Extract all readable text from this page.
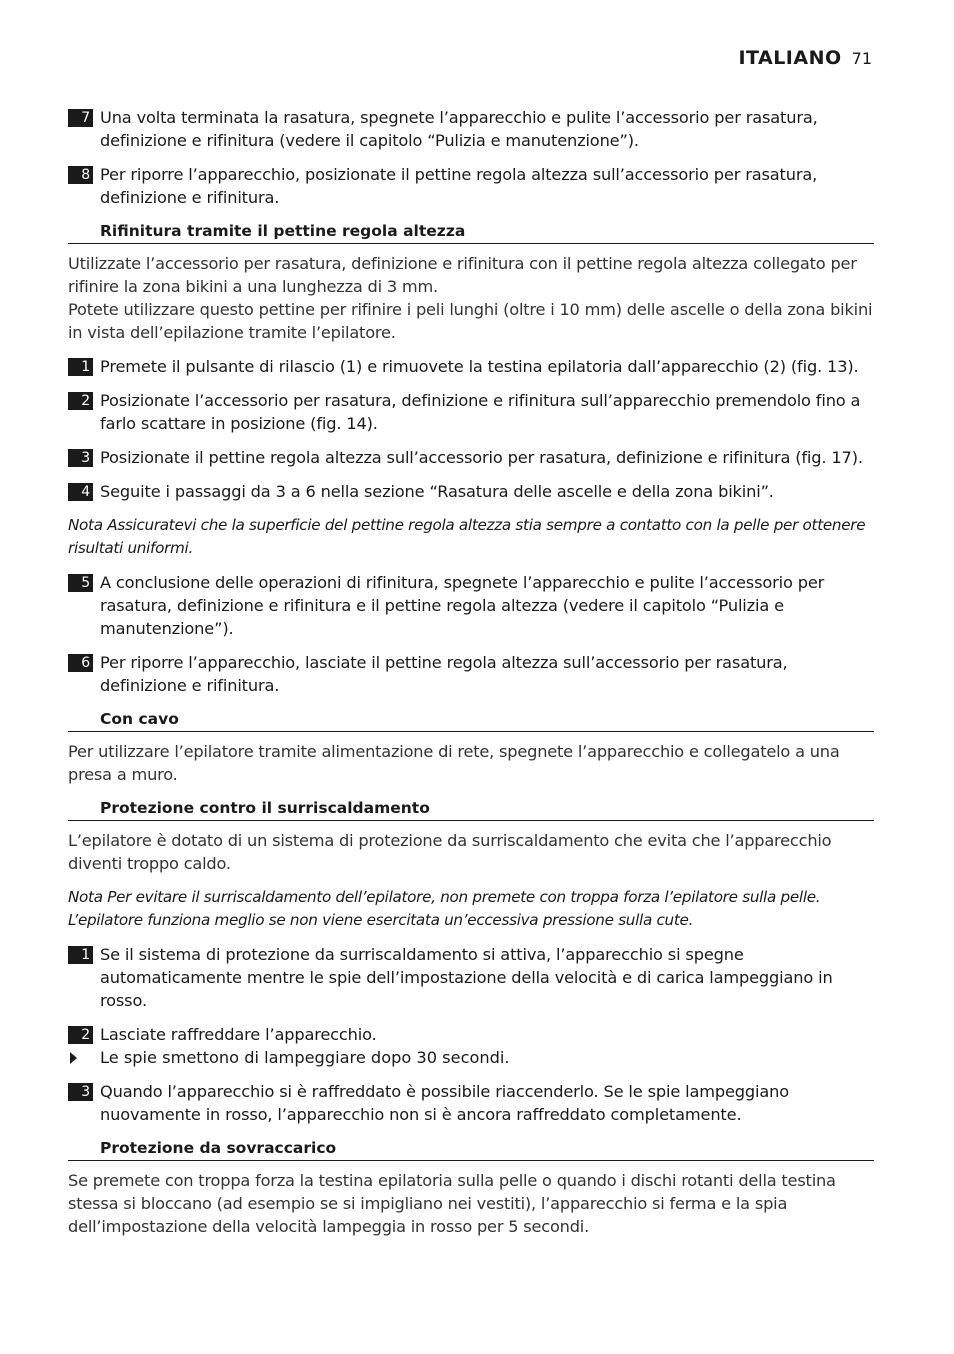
ITALIANO 71
7 Una volta terminata la rasatura, spegnete l’apparecchio e pulite l’accessorio per rasatura, definizione e rifinitura (vedere il capitolo “Pulizia e manutenzione”).
8 Per riporre l’apparecchio, posizionate il pettine regola altezza sull’accessorio per rasatura, definizione e rifinitura.
Rifinitura tramite il pettine regola altezza
Utilizzate l’accessorio per rasatura, definizione e rifinitura con il pettine regola altezza collegato per rifinire la zona bikini a una lunghezza di 3 mm.
Potete utilizzare questo pettine per rifinire i peli lunghi (oltre i 10 mm) delle ascelle o della zona bikini in vista dell’epilazione tramite l’epilatore.
1 Premete il pulsante di rilascio (1) e rimuovete la testina epilatoria dall’apparecchio (2) (fig. 13).
2 Posizionate l’accessorio per rasatura, definizione e rifinitura sull’apparecchio premendolo fino a farlo scattare in posizione (fig. 14).
3 Posizionate il pettine regola altezza sull’accessorio per rasatura, definizione e rifinitura (fig. 17).
4 Seguite i passaggi da 3 a 6 nella sezione “Rasatura delle ascelle e della zona bikini”.
Nota Assicuratevi che la superficie del pettine regola altezza stia sempre a contatto con la pelle per ottenere risultati uniformi.
5 A conclusione delle operazioni di rifinitura, spegnete l’apparecchio e pulite l’accessorio per rasatura, definizione e rifinitura e il pettine regola altezza (vedere il capitolo “Pulizia e manutenzione”).
6 Per riporre l’apparecchio, lasciate il pettine regola altezza sull’accessorio per rasatura, definizione e rifinitura.
Con cavo
Per utilizzare l’epilatore tramite alimentazione di rete, spegnete l’apparecchio e collegatelo a una presa a muro.
Protezione contro il surriscaldamento
L’epilatore è dotato di un sistema di protezione da surriscaldamento che evita che l’apparecchio diventi troppo caldo.
Nota Per evitare il surriscaldamento dell’epilatore, non premete con troppa forza l’epilatore sulla pelle. L’epilatore funziona meglio se non viene esercitata un’eccessiva pressione sulla cute.
1 Se il sistema di protezione da surriscaldamento si attiva, l’apparecchio si spegne automaticamente mentre le spie dell’impostazione della velocità e di carica lampeggiano in rosso.
2 Lasciate raffreddare l’apparecchio.
Le spie smettono di lampeggiare dopo 30 secondi.
3 Quando l’apparecchio si è raffreddato è possibile riaccenderlo. Se le spie lampeggiano nuovamente in rosso, l’apparecchio non si è ancora raffreddato completamente.
Protezione da sovraccarico
Se premete con troppa forza la testina epilatoria sulla pelle o quando i dischi rotanti della testina stessa si bloccano (ad esempio se si impigliano nei vestiti), l’apparecchio si ferma e la spia dell’impostazione della velocità lampeggia in rosso per 5 secondi.
